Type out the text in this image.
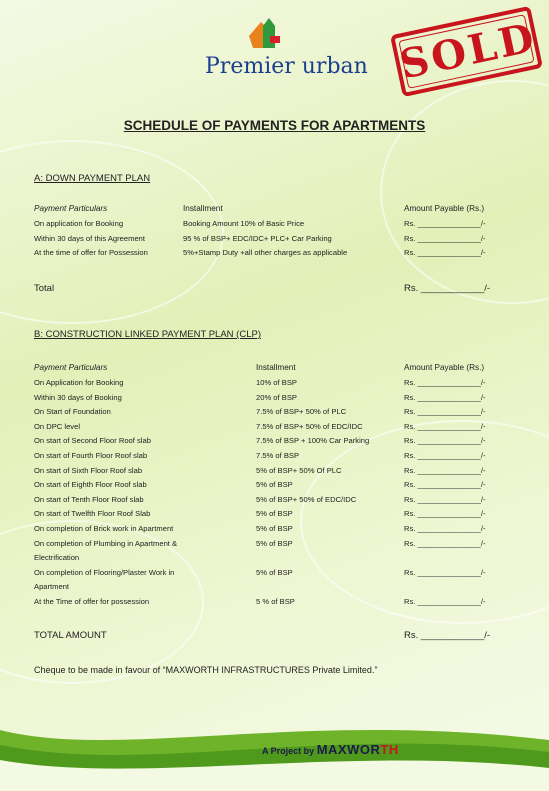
Premier urban SOLD
SCHEDULE OF PAYMENTS FOR APARTMENTS
A: DOWN PAYMENT PLAN
Payment Particulars	Installment	Amount Payable (Rs.)
On application for Booking	Booking Amount 10% of Basic Price	Rs. _______________/-
Within 30 days of this Agreement	95 % of BSP+ EDC/IDC+ PLC+ Car Parking	Rs. _______________/-
At the time of offer for Possession	5%+Stamp Duty +all other charges as applicable	Rs. _______________/-
Total	Rs. ____________/-
B: CONSTRUCTION LINKED PAYMENT PLAN (CLP)
Payment Particulars	Installment	Amount Payable (Rs.)
On Application for Booking	10% of BSP	Rs. _______________/-
Within 30 days of Booking	20% of BSP	Rs. _______________/-
On Start of Foundation	7.5% of BSP+ 50% of PLC	Rs. _______________/-
On DPC level	7.5% of BSP+ 50% of EDC/IDC	Rs. _______________/-
On start of Second Floor Roof slab	7.5% of BSP + 100% Car Parking	Rs. _______________/-
On start of Fourth Floor Roof slab	7.5% of BSP	Rs. _______________/-
On start of Sixth Floor Roof slab	5% of BSP+ 50% Of PLC	Rs. _______________/-
On start of Eighth Floor Roof slab	5% of BSP	Rs. _______________/-
On start of Tenth Floor Roof slab	5% of BSP+ 50% of EDC/IDC	Rs. _______________/-
On start of Twelfth Floor Roof Slab	5% of BSP	Rs. _______________/-
On completion of Brick work in Apartment	5% of BSP	Rs. _______________/-
On completion of Plumbing in Apartment &	5% of BSP	Rs. _______________/-
Electrification
On completion of Flooring/Plaster Work in	5% of BSP	Rs. _______________/-
Apartment
At the Time of offer for possession	5 % of BSP	Rs. _______________/-
TOTAL AMOUNT	Rs. ____________/-
Cheque to be made in favour of “MAXWORTH INFRASTRUCTURES Private Limited.”
A Project by MAXWORTH
